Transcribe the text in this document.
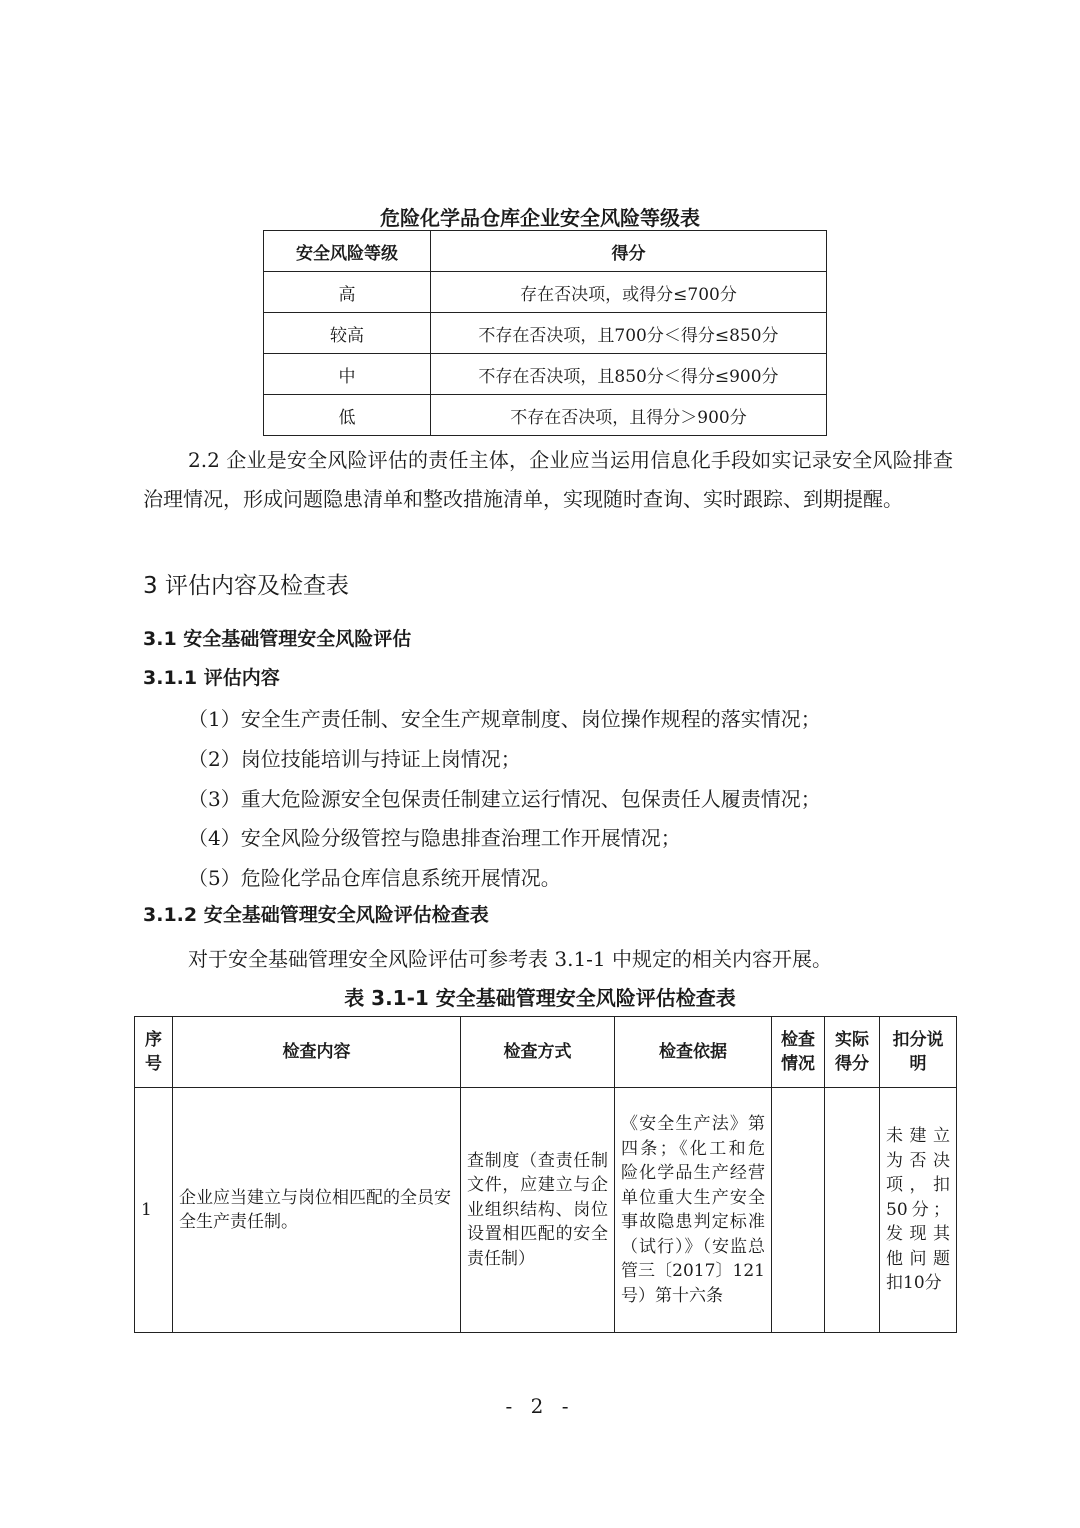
危险化学品仓库企业安全风险等级表
安全风险等级	得分
高	存在否决项，或得分≤700分
较高	不存在否决项，且700分＜得分≤850分
中	不存在否决项，且850分＜得分≤900分
低	不存在否决项，且得分＞900分
2.2 企业是安全风险评估的责任主体，企业应当运用信息化手段如实记录安全风险排查治理情况，形成问题隐患清单和整改措施清单，实现随时查询、实时跟踪、到期提醒。
3 评估内容及检查表
3.1 安全基础管理安全风险评估
3.1.1 评估内容
（1）安全生产责任制、安全生产规章制度、岗位操作规程的落实情况；
（2）岗位技能培训与持证上岗情况；
（3）重大危险源安全包保责任制建立运行情况、包保责任人履责情况；
（4）安全风险分级管控与隐患排查治理工作开展情况；
（5）危险化学品仓库信息系统开展情况。
3.1.2 安全基础管理安全风险评估检查表
对于安全基础管理安全风险评估可参考表 3.1-1 中规定的相关内容开展。
表 3.1-1 安全基础管理安全风险评估检查表
序号	检查内容	检查方式	检查依据	检查情况	实际得分	扣分说明

1	企业应当建立与岗位相匹配的全员安全生产责任制。	查制度（查责任制文件，应建立与企业组织结构、岗位设置相匹配的安全责任制）	《安全生产法》第四条；《化工和危险化学品生产经营单位重大生产安全事故隐患判定标准（试行）》（安监总管三〔2017〕121号）第十六条			未建立为否决项，扣50分；发现其他问题扣10分
- 2 -
